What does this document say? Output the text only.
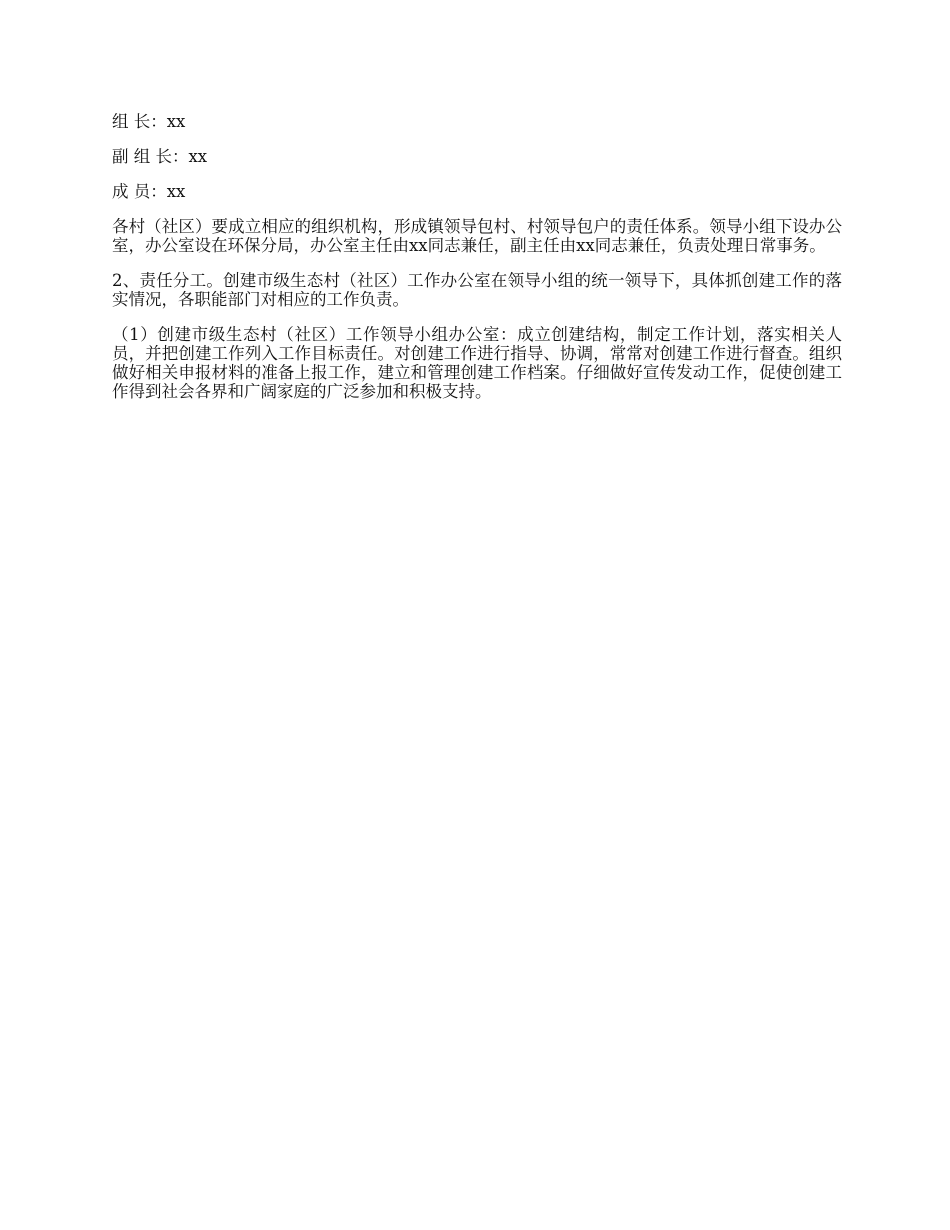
组 长：xx

副 组 长：xx

成 员：xx

各村（社区）要成立相应的组织机构，形成镇领导包村、村领导包户的责任体系。领导小组下设办公室，办公室设在环保分局，办公室主任由xx同志兼任，副主任由xx同志兼任，负责处理日常事务。

2、责任分工。创建市级生态村（社区）工作办公室在领导小组的统一领导下，具体抓创建工作的落实情况，各职能部门对相应的工作负责。

（1）创建市级生态村（社区）工作领导小组办公室：成立创建结构，制定工作计划，落实相关人员，并把创建工作列入工作目标责任。对创建工作进行指导、协调，常常对创建工作进行督查。组织做好相关申报材料的准备上报工作，建立和管理创建工作档案。仔细做好宣传发动工作，促使创建工作得到社会各界和广阔家庭的广泛参加和积极支持。
